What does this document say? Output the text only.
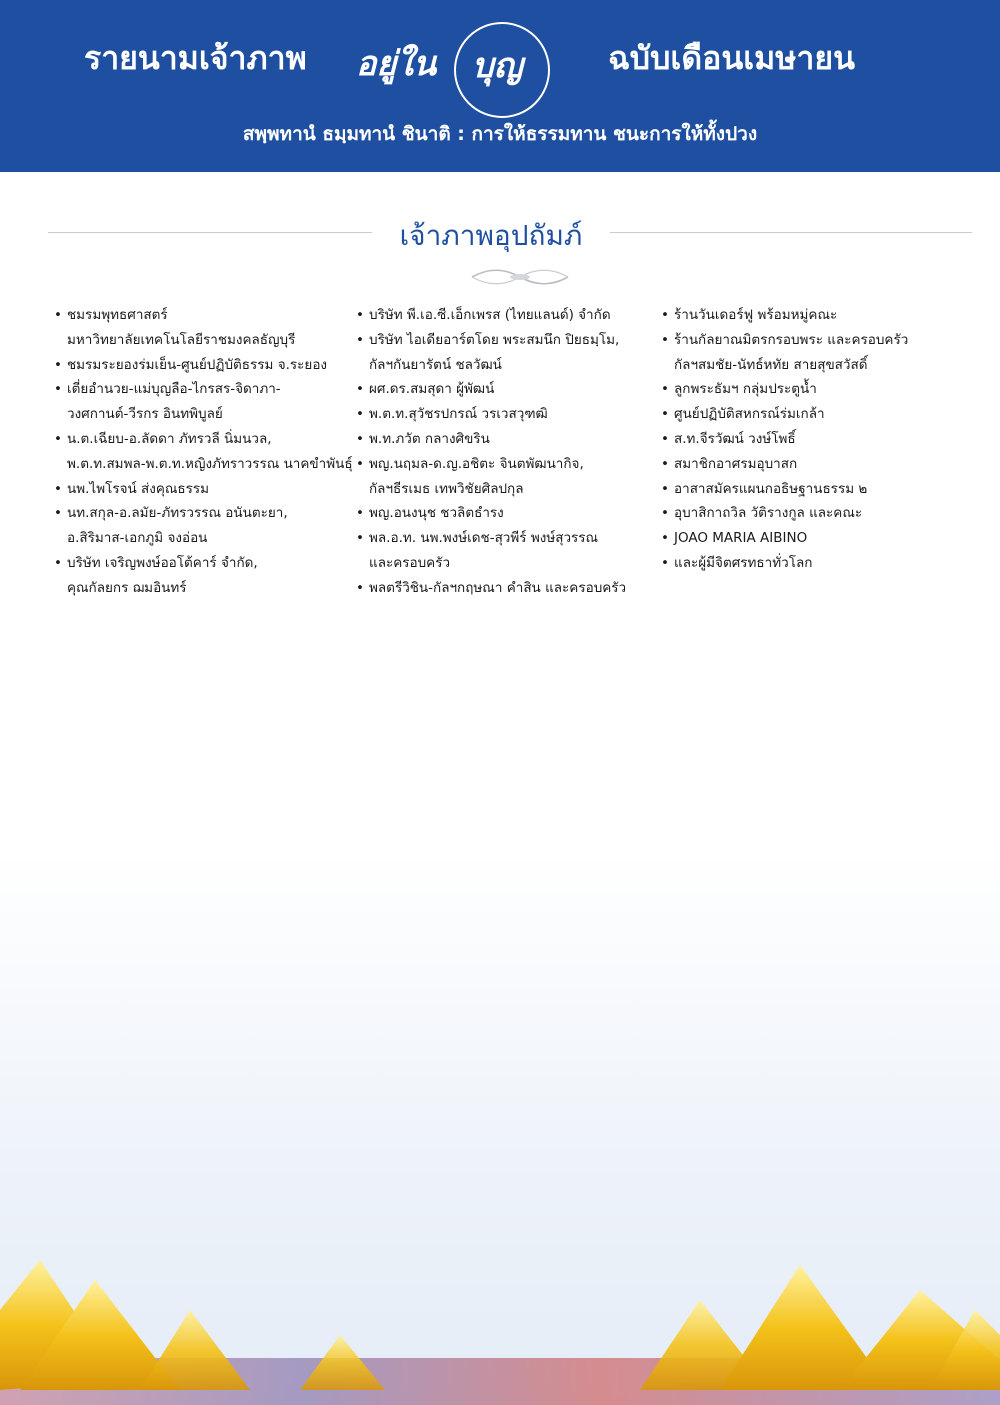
รายนามเจ้าภาพ อยู่ใน บุญ	ฉบับเดือนเมษายน
สพฺพทานํ ธมฺมทานํ ชินาติ : การให้ธรรมทาน ชนะการให้ทั้งปวง
เจ้าภาพอุปถัมภ์
• ชมรมพุทธศาสตร์
มหาวิทยาลัยเทคโนโลยีราชมงคลธัญบุรี
• ชมรมระยองร่มเย็น-ศูนย์ปฏิบัติธรรม จ.ระยอง
• เตี่ยอำนวย-แม่บุญลือ-ไกรสร-จิดาภา-
วงศกานต์-วีรกร อินทพิบูลย์
• น.ต.เฉียบ-อ.ลัดดา ภัทรวลี นิ่มนวล,
พ.ต.ท.สมพล-พ.ต.ท.หญิงภัทราวรรณ นาคขำพันธุ์
• นพ.ไพโรจน์ ส่งคุณธรรม
• นท.สกุล-อ.ลมัย-ภัทรวรรณ อนันตะยา,
อ.สิริมาส-เอกภูมิ จงอ่อน
• บริษัท เจริญพงษ์ออโต้คาร์ จำกัด,
คุณกัลยกร ฌมอินทร์
• บริษัท พี.เอ.ซี.เอ็กเพรส (ไทยแลนด์) จำกัด
• บริษัท ไอเดียอาร์ตโดย พระสมนึก ปิยธมฺโม,
กัลฯกันยารัตน์ ชลวัฒน์
• ผศ.ดร.สมสุดา ผู้พัฒน์
• พ.ต.ท.สุวัชรปกรณ์ วรเวสวุฑฒิ
• พ.ท.ภวัต กลางศิขริน
• พญ.นฤมล-ด.ญ.อชิตะ จินตพัฒนากิจ,
กัลฯธีรเมธ เทพวิชัยศิลปกุล
• พญ.อนงนุช ชวลิตธำรง
• พล.อ.ท. นพ.พงษ์เดช-สุวพีร์ พงษ์สุวรรณ
และครอบครัว
• พลตรีวิชิน-กัลฯกฤษณา คำสิน และครอบครัว
• ร้านวันเดอร์ฟู พร้อมหมู่คณะ
• ร้านกัลยาณมิตรกรอบพระ และครอบครัว
กัลฯสมชัย-นัทธ์หทัย สายสุขสวัสดิ์
• ลูกพระธัมฯ กลุ่มประตูน้ำ
• ศูนย์ปฏิบัติสหกรณ์ร่มเกล้า
• ส.ท.จีรวัฒน์ วงษ์โพธิ์
• สมาชิกอาศรมอุบาสก
• อาสาสมัครแผนกอธิษฐานธรรม ๒
• อุบาสิกาถวิล วัติรางกูล และคณะ
• JOAO MARIA AIBINO
• และผู้มีจิตศรทธาทั่วโลก
